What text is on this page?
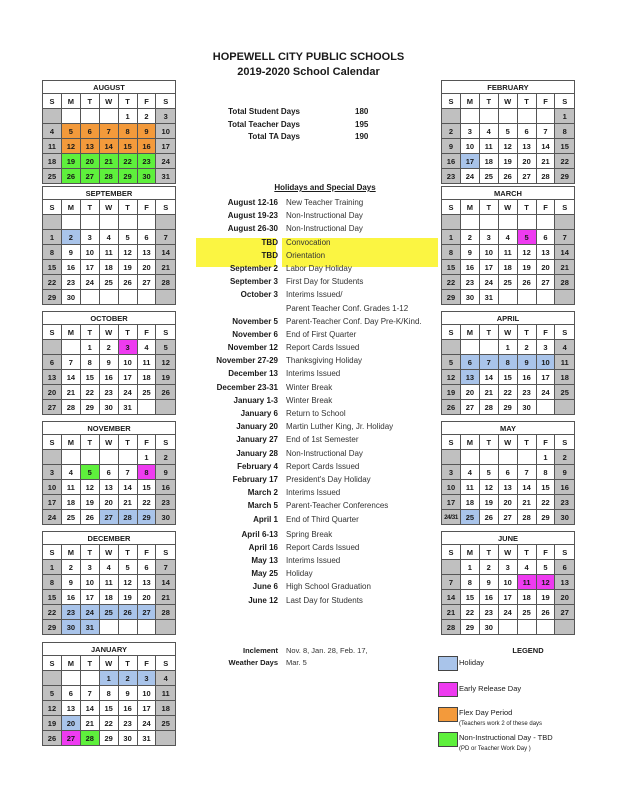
HOPEWELL CITY PUBLIC SCHOOLS
2019-2020 School Calendar
AUGUST						
S	M	T	W	T	F	S
				1	2	3
4	5	6	7	8	9	10
11	12	13	14	15	16	17
18	19	20	21	22	23	24
25	26	27	28	29	30	31
SEPTEMBER						
S	M	T	W	T	F	S

1	2	3	4	5	6	7
8	9	10	11	12	13	14
15	16	17	18	19	20	21
22	23	24	25	26	27	28
29	30					
OCTOBER						
S	M	T	W	T	F	S
		1	2	3	4	5
6	7	8	9	10	11	12
13	14	15	16	17	18	19
20	21	22	23	24	25	26
27	28	29	30	31		
NOVEMBER						
S	M	T	W	T	F	S
					1	2
3	4	5	6	7	8	9
10	11	12	13	14	15	16
17	18	19	20	21	22	23
24	25	26	27	28	29	30
DECEMBER						
S	M	T	W	T	F	S
1	2	3	4	5	6	7
8	9	10	11	12	13	14
15	16	17	18	19	20	21
22	23	24	25	26	27	28
29	30	31				
JANUARY						
S	M	T	W	T	F	S
			1	2	3	4
5	6	7	8	9	10	11
12	13	14	15	16	17	18
19	20	21	22	23	24	25
26	27	28	29	30	31	
FEBRUARY						
S	M	T	W	T	F	S
						1
2	3	4	5	6	7	8
9	10	11	12	13	14	15
16	17	18	19	20	21	22
23	24	25	26	27	28	29
MARCH						
S	M	T	W	T	F	S

1	2	3	4	5	6	7
8	9	10	11	12	13	14
15	16	17	18	19	20	21
22	23	24	25	26	27	28
29	30	31				
APRIL						
S	M	T	W	T	F	S
			1	2	3	4
5	6	7	8	9	10	11
12	13	14	15	16	17	18
19	20	21	22	23	24	25
26	27	28	29	30		
MAY						
S	M	T	W	T	F	S
					1	2
3	4	5	6	7	8	9
10	11	12	13	14	15	16
17	18	19	20	21	22	23
24/31	25	26	27	28	29	30
JUNE						
S	M	T	W	T	F	S
	1	2	3	4	5	6
7	8	9	10	11	12	13
14	15	16	17	18	19	20
21	22	23	24	25	26	27
28	29	30				
Total Student Days	180
Total Teacher Days	195
Total TA Days	190
Holidays and Special Days
August 12-16 New Teacher Training
August 19-23 Non-Instructional Day
August 26-30 Non-Instructional Day
TBD Convocation
TBD Orientation
September 2 Labor Day Holiday
September 3 First Day for Students
October 3 Interims Issued/
Parent Teacher Conf. Grades 1-12
November 5 Parent-Teacher Conf. Day Pre-K/Kind.
November 6 End of First Quarter
November 12 Report Cards Issued
November 27-29 Thanksgiving Holiday
December 13 Interims Issued
December 23-31 Winter Break
January 1-3 Winter Break
January 6 Return to School
January 20 Martin Luther King, Jr. Holiday
January 27 End of 1st Semester
January 28 Non-Instructional Day
February 4 Report Cards Issued
February 17 President's Day Holiday
March 2 Interims Issued
March 5 Parent-Teacher Conferences
April 1 End of Third Quarter
April 6-13 Spring Break
April 16 Report Cards Issued
May 13 Interims Issued
May 25 Holiday
June 6 High School Graduation
June 12 Last Day for Students
Inclement
Weather Days
Nov. 8, Jan. 28, Feb. 17,
Mar. 5
LEGEND
Holiday
Early Release Day
Flex Day Period
(Teachers work 2 of these days
Non-Instructional Day - TBD
(PD or Teacher Work Day )
